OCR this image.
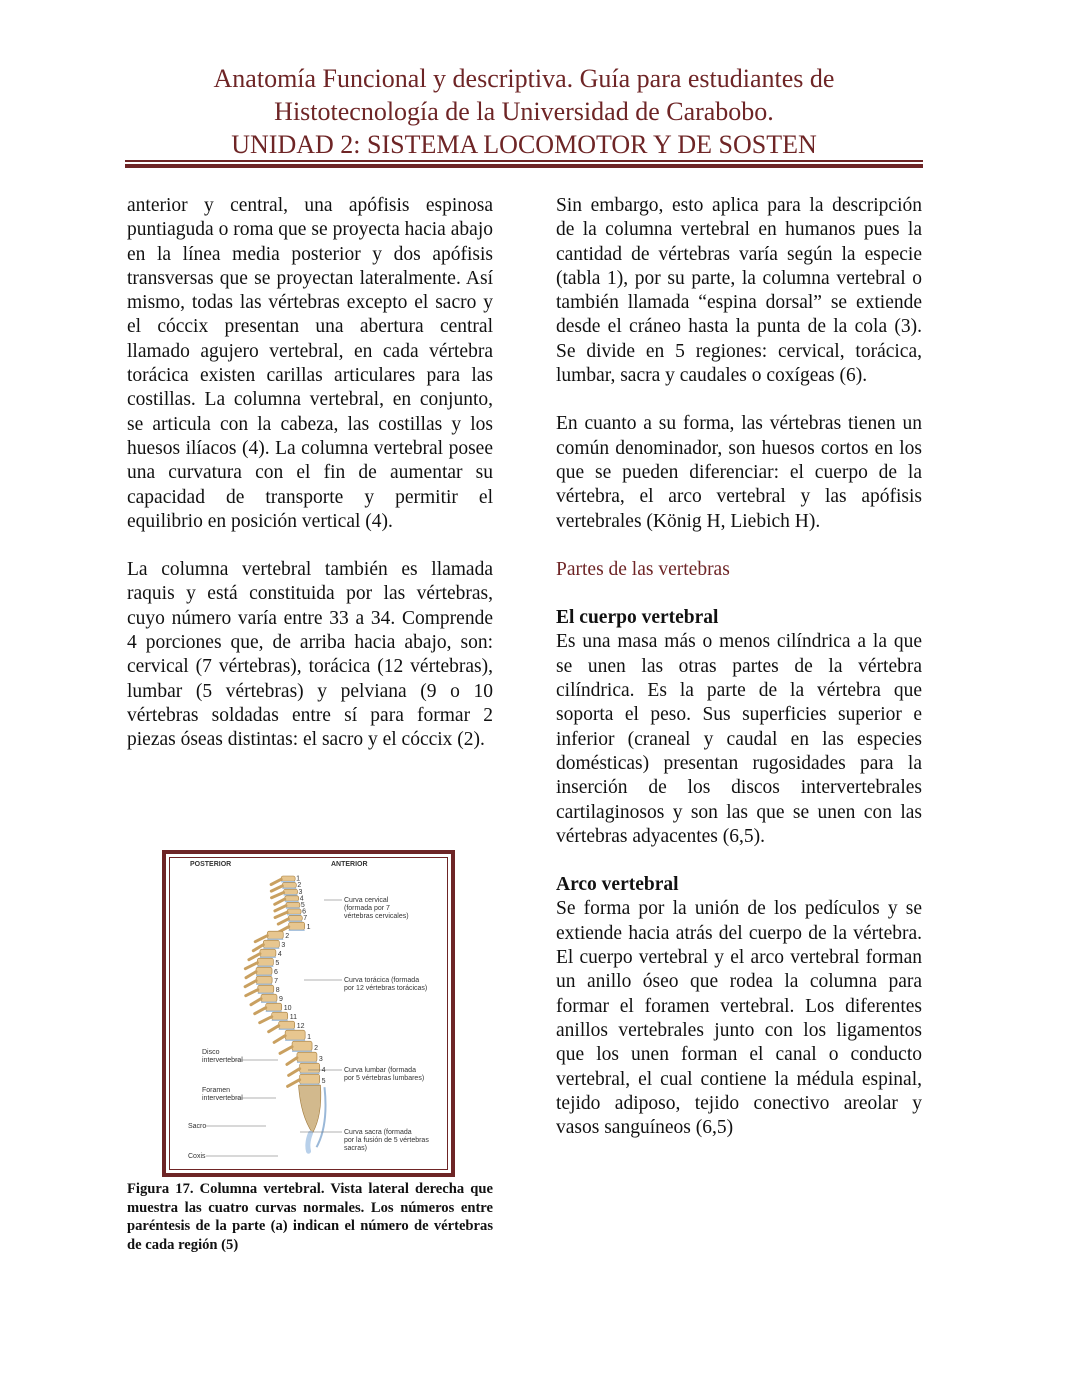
Anatomía Funcional y descriptiva. Guía para estudiantes de
Histotecnología de la Universidad de Carabobo.
UNIDAD 2: SISTEMA LOCOMOTOR Y DE SOSTEN

anterior y central, una apófisis espinosa puntiaguda o roma que se proyecta hacia abajo en la línea media posterior y dos apófisis transversas que se proyectan lateralmente. Así mismo, todas las vértebras excepto el sacro y el cóccix presentan una abertura central llamado agujero vertebral, en cada vértebra torácica existen carillas articulares para las costillas. La columna vertebral, en conjunto, se articula con la cabeza, las costillas y los huesos ilíacos (4). La columna vertebral posee una curvatura con el fin de aumentar su capacidad de transporte y permitir el equilibrio en posición vertical (4).

La columna vertebral también es llamada raquis y está constituida por las vértebras, cuyo número varía entre 33 a 34. Comprende 4 porciones que, de arriba hacia abajo, son: cervical (7 vértebras), torácica (12 vértebras), lumbar (5 vértebras) y pelviana (9 o 10 vértebras soldadas entre sí para formar 2 piezas óseas distintas: el sacro y el cóccix (2).

POSTERIOR	ANTERIOR
1
2
3
4
5
6
7
1
2
3
4
5
6
7
8
9
10
11
12
1
2
3
4
5
Curva cervical
(formada por 7
vértebras cervicales)
Curva torácica (formada
por 12 vértebras torácicas)
Curva lumbar (formada
por 5 vértebras lumbares)
Curva sacra (formada
por la fusión de 5 vértebras
sacras)
Disco
intervertebral
Foramen
intervertebral
Sacro
Coxis

Figura 17. Columna vertebral. Vista lateral derecha que muestra las cuatro curvas normales. Los números entre paréntesis de la parte (a) indican el número de vértebras de cada región (5)

Sin embargo, esto aplica para la descripción de la columna vertebral en humanos pues la cantidad de vértebras varía según la especie (tabla 1), por su parte, la columna vertebral o también llamada “espina dorsal” se extiende desde el cráneo hasta la punta de la cola (3). Se divide en 5 regiones: cervical, torácica, lumbar, sacra y caudales o coxígeas (6).

En cuanto a su forma, las vértebras tienen un común denominador, son huesos cortos en los que se pueden diferenciar: el cuerpo de la vértebra, el arco vertebral y las apófisis vertebrales (König H, Liebich H).

Partes de las vertebras

El cuerpo vertebral

Es una masa más o menos cilíndrica a la que se unen las otras partes de la vértebra cilíndrica. Es la parte de la vértebra que soporta el peso. Sus superficies superior e inferior (craneal y caudal en las especies domésticas) presentan rugosidades para la inserción de los discos intervertebrales cartilaginosos y son las que se unen con las vértebras adyacentes (6,5).

Arco vertebral

Se forma por la unión de los pedículos y se extiende hacia atrás del cuerpo de la vértebra. El cuerpo vertebral y el arco vertebral forman un anillo óseo que rodea la columna para formar el foramen vertebral. Los diferentes anillos vertebrales junto con los ligamentos que los unen forman el canal o conducto vertebral, el cual contiene la médula espinal, tejido adiposo, tejido conectivo areolar y vasos sanguíneos (6,5)
